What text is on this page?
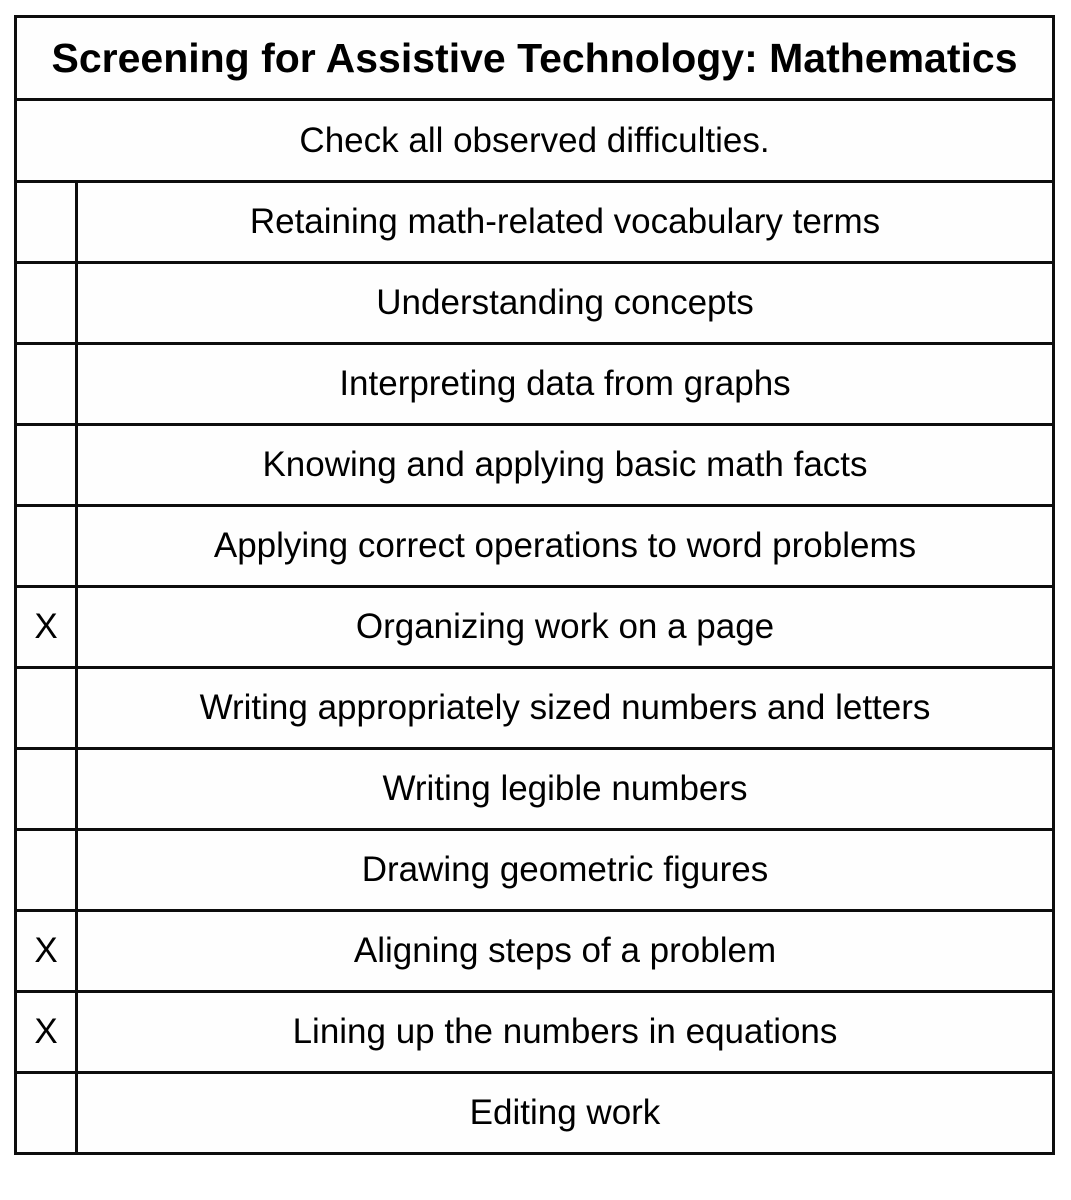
Screening for Assistive Technology: Mathematics	
Check all observed difficulties.	
	Retaining math-related vocabulary terms
	Understanding concepts
	Interpreting data from graphs
	Knowing and applying basic math facts
	Applying correct operations to word problems
X	Organizing work on a page
	Writing appropriately sized numbers and letters
	Writing legible numbers
	Drawing geometric figures
X	Aligning steps of a problem
X	Lining up the numbers in equations
	Editing work
